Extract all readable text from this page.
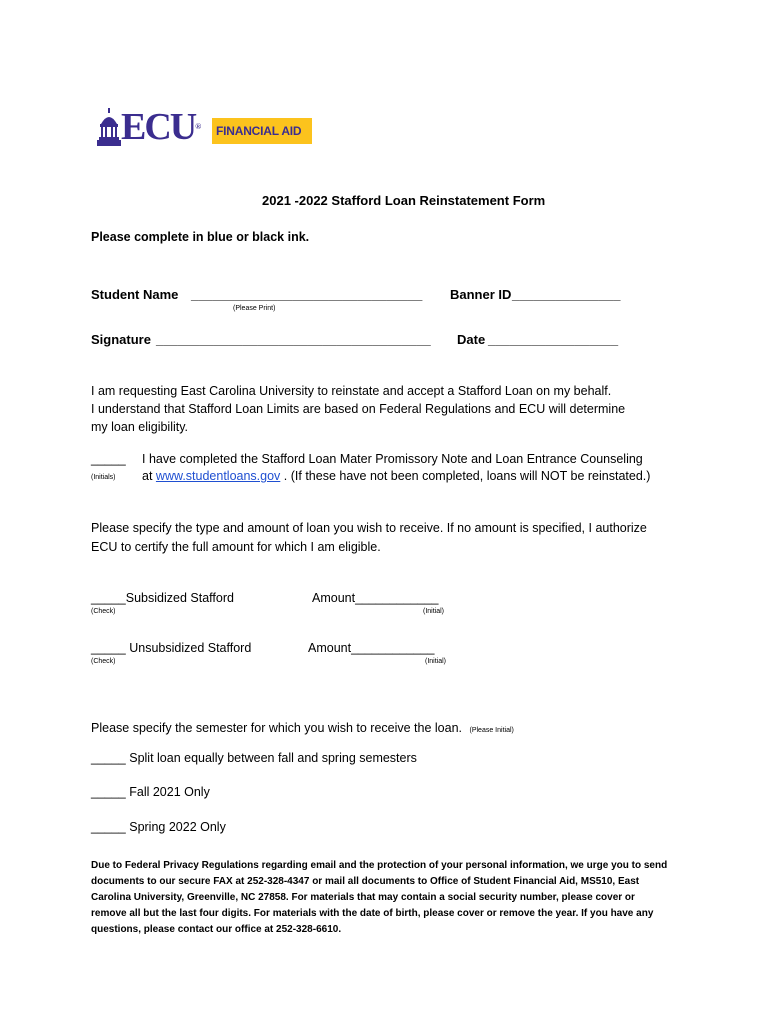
ECU® FINANCIAL AID
2021 -2022 Stafford Loan Reinstatement Form
Please complete in blue or black ink.
Student Name ________________________________
(Please Print)
Banner ID _______________
Signature ______________________________________ Date __________________
I am requesting East Carolina University to reinstate and accept a Stafford Loan on my behalf.
I understand that Stafford Loan Limits are based on Federal Regulations and ECU will determine
my loan eligibility.
_____
(Initials)
I have completed the Stafford Loan Mater Promissory Note and Loan Entrance Counseling
at www.studentloans.gov . (If these have not been completed, loans will NOT be reinstated.)
Please specify the type and amount of loan you wish to receive. If no amount is specified, I authorize
ECU to certify the full amount for which I am eligible.
_____Subsidized Stafford
(Check)
Amount____________
(Initial)
_____ Unsubsidized Stafford
(Check)
Amount____________
(Initial)
Please specify the semester for which you wish to receive the loan. (Please Initial)
_____ Split loan equally between fall and spring semesters
_____ Fall 2021 Only
_____ Spring 2022 Only
Due to Federal Privacy Regulations regarding email and the protection of your personal information, we urge you to send
documents to our secure FAX at 252-328-4347 or mail all documents to Office of Student Financial Aid, MS510, East
Carolina University, Greenville, NC 27858. For materials that may contain a social security number, please cover or
remove all but the last four digits. For materials with the date of birth, please cover or remove the year. If you have any
questions, please contact our office at 252-328-6610.
